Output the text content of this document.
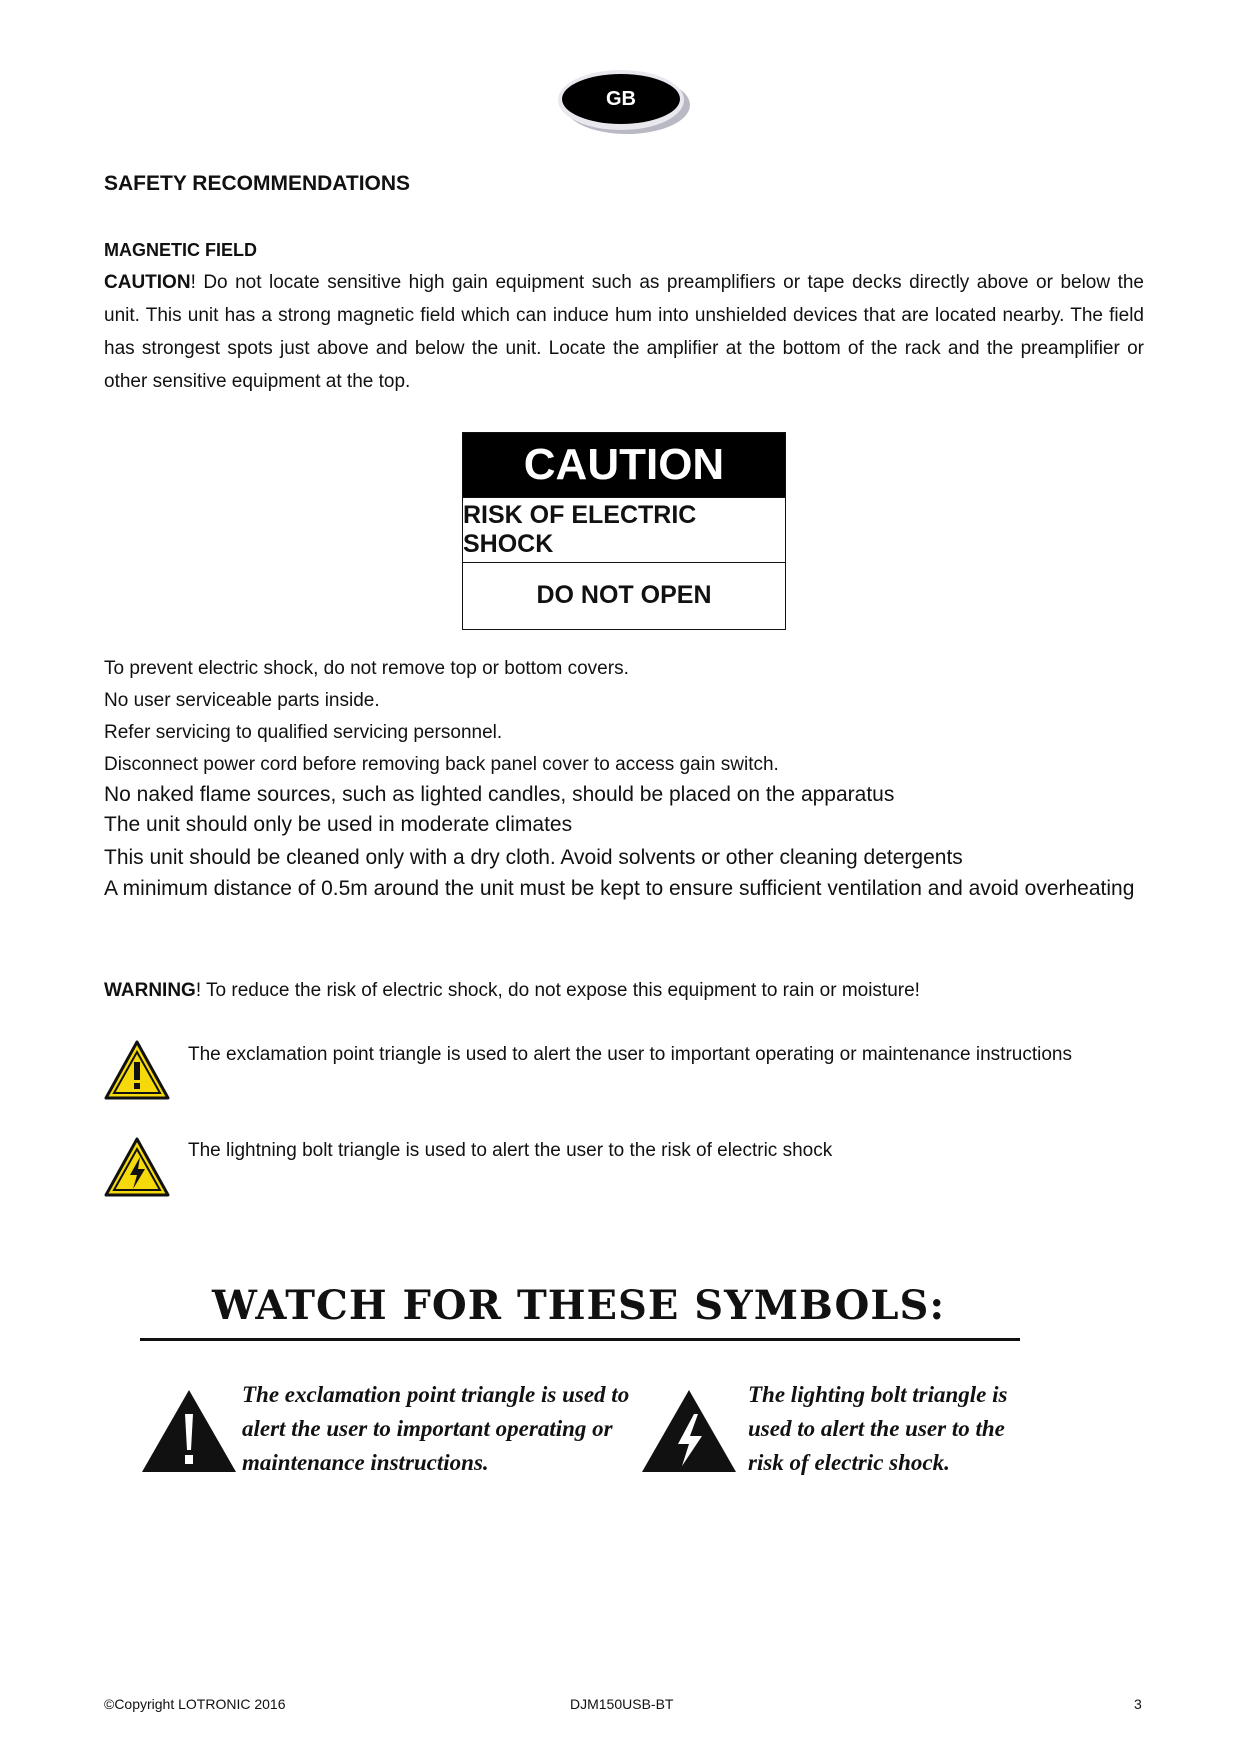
GB
SAFETY RECOMMENDATIONS
MAGNETIC FIELD
CAUTION! Do not locate sensitive high gain equipment such as preamplifiers or tape decks directly above or below the unit. This unit has a strong magnetic field which can induce hum into unshielded devices that are located nearby. The field has strongest spots just above and below the unit. Locate the amplifier at the bottom of the rack and the preamplifier or other sensitive equipment at the top.
CAUTION
RISK OF ELECTRIC SHOCK
DO NOT OPEN
To prevent electric shock, do not remove top or bottom covers.
No user serviceable parts inside.
Refer servicing to qualified servicing personnel.
Disconnect power cord before removing back panel cover to access gain switch.
No naked flame sources, such as lighted candles, should be placed on the apparatus
The unit should only be used in moderate climates
This unit should be cleaned only with a dry cloth. Avoid solvents or other cleaning detergents
A minimum distance of 0.5m around the unit must be kept to ensure sufficient ventilation and avoid overheating
WARNING! To reduce the risk of electric shock, do not expose this equipment to rain or moisture!
The exclamation point triangle is used to alert the user to important operating or maintenance instructions
The lightning bolt triangle is used to alert the user to the risk of electric shock
WATCH FOR THESE SYMBOLS:
The exclamation point triangle is used to alert the user to important operating or maintenance instructions.
The lighting bolt triangle is used to alert the user to the risk of electric shock.
©Copyright LOTRONIC 2016	DJM150USB-BT	3
